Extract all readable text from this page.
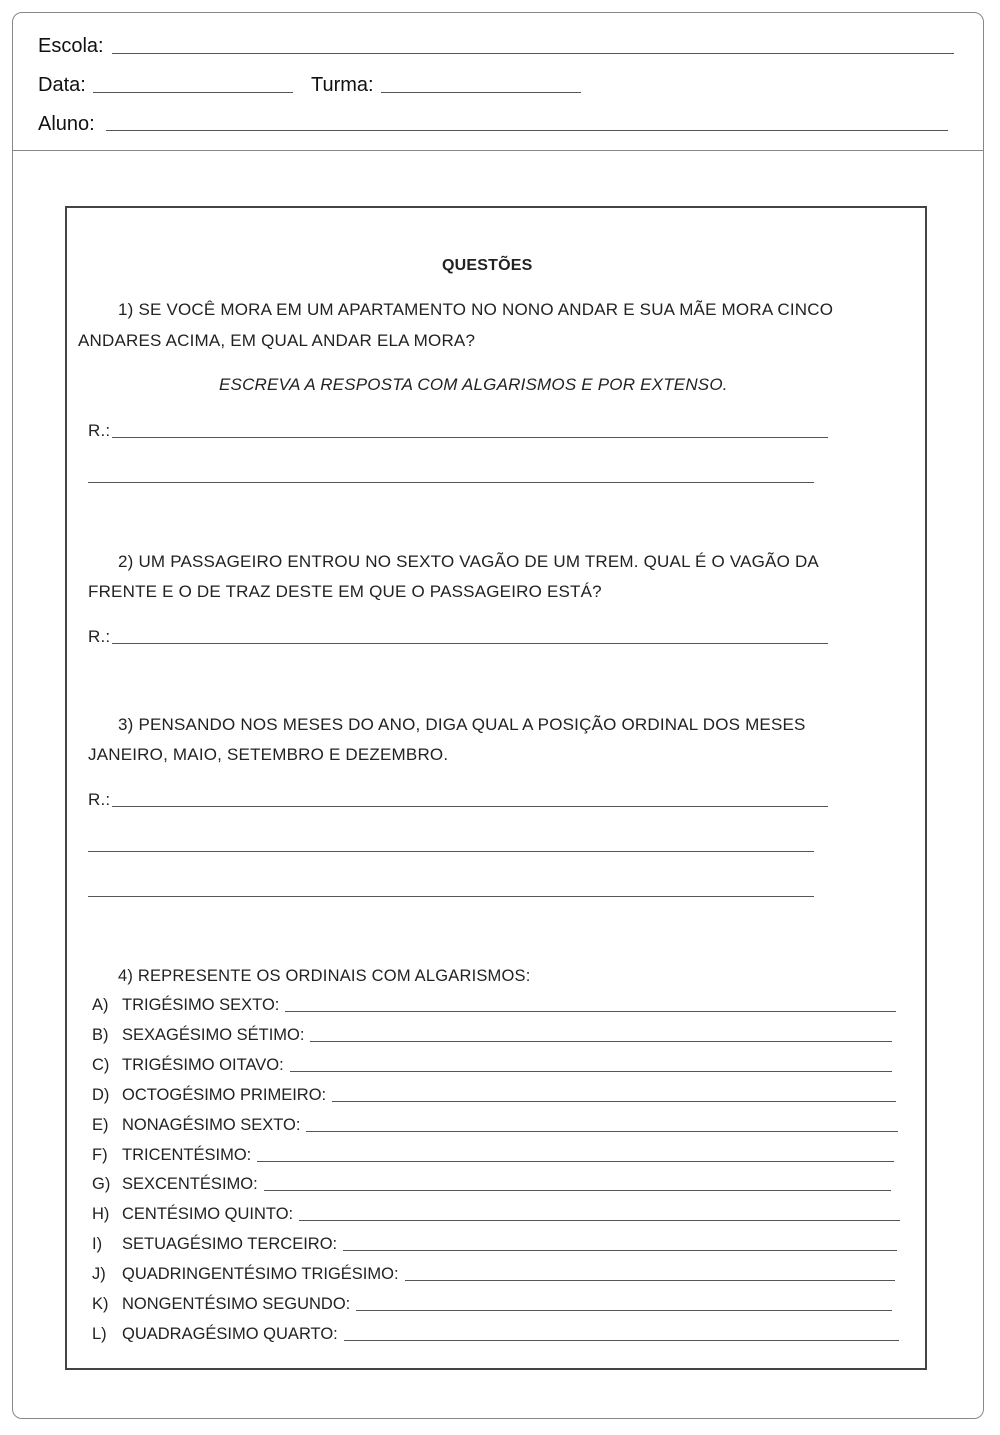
Escola:
Data:	Turma:
Aluno:
QUESTÕES
1) SE VOCÊ MORA EM UM APARTAMENTO NO NONO ANDAR E SUA MÃE MORA CINCO
ANDARES ACIMA, EM QUAL ANDAR ELA MORA?
ESCREVA A RESPOSTA COM ALGARISMOS E POR EXTENSO.
R.:
2) UM PASSAGEIRO ENTROU NO SEXTO VAGÃO DE UM TREM. QUAL É O VAGÃO DA
FRENTE E O DE TRAZ DESTE EM QUE O PASSAGEIRO ESTÁ?
R.:
3) PENSANDO NOS MESES DO ANO, DIGA QUAL A POSIÇÃO ORDINAL DOS MESES
JANEIRO, MAIO, SETEMBRO E DEZEMBRO.
R.:
4) REPRESENTE OS ORDINAIS COM ALGARISMOS:
A) TRIGÉSIMO SEXTO:
B) SEXAGÉSIMO SÉTIMO:
C) TRIGÉSIMO OITAVO:
D) OCTOGÉSIMO PRIMEIRO:
E) NONAGÉSIMO SEXTO:
F) TRICENTÉSIMO:
G) SEXCENTÉSIMO:
H) CENTÉSIMO QUINTO:
I)	SETUAGÉSIMO TERCEIRO:
J) QUADRINGENTÉSIMO TRIGÉSIMO:
K) NONGENTÉSIMO SEGUNDO:
L) QUADRAGÉSIMO QUARTO:
